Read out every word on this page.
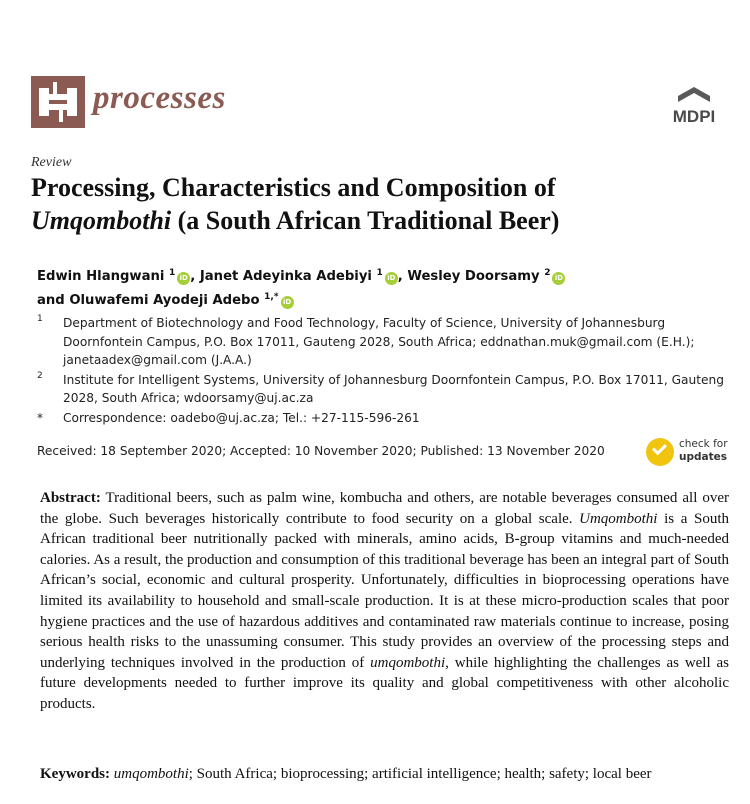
processes
MDPI
Review
Processing, Characteristics and Composition of
Umqombothi (a South African Traditional Beer)
Edwin Hlangwani $^1$ iD , Janet Adeyinka Adebiyi $^1$ iD , Wesley Doorsamy $^2$ iD
and Oluwafemi Ayodeji Adebo $^{1,*}$ iD
1 Department of Biotechnology and Food Technology, Faculty of Science, University of Johannesburg Doornfontein Campus, P.O. Box 17011, Gauteng 2028, South Africa; eddnathan.muk@gmail.com (E.H.); janetaadex@gmail.com (J.A.A.)
2 Institute for Intelligent Systems, University of Johannesburg Doornfontein Campus, P.O. Box 17011, Gauteng 2028, South Africa; wdoorsamy@uj.ac.za
* Correspondence: oadebo@uj.ac.za; Tel.: +27-115-596-261
Received: 18 September 2020; Accepted: 10 November 2020; Published: 13 November 2020	check for
updates
Abstract: Traditional beers, such as palm wine, kombucha and others, are notable beverages consumed all over the globe. Such beverages historically contribute to food security on a global scale. Umqombothi is a South African traditional beer nutritionally packed with minerals, amino acids, B-group vitamins and much-needed calories. As a result, the production and consumption of this traditional beverage has been an integral part of South African’s social, economic and cultural prosperity. Unfortunately, difficulties in bioprocessing operations have limited its availability to household and small-scale production. It is at these micro-production scales that poor hygiene practices and the use of hazardous additives and contaminated raw materials continue to increase, posing serious health risks to the unassuming consumer. This study provides an overview of the processing steps and underlying techniques involved in the production of umqombothi, while highlighting the challenges as well as future developments needed to further improve its quality and global competitiveness with other alcoholic products.
Keywords: umqombothi; South Africa; bioprocessing; artificial intelligence; health; safety; local beer
